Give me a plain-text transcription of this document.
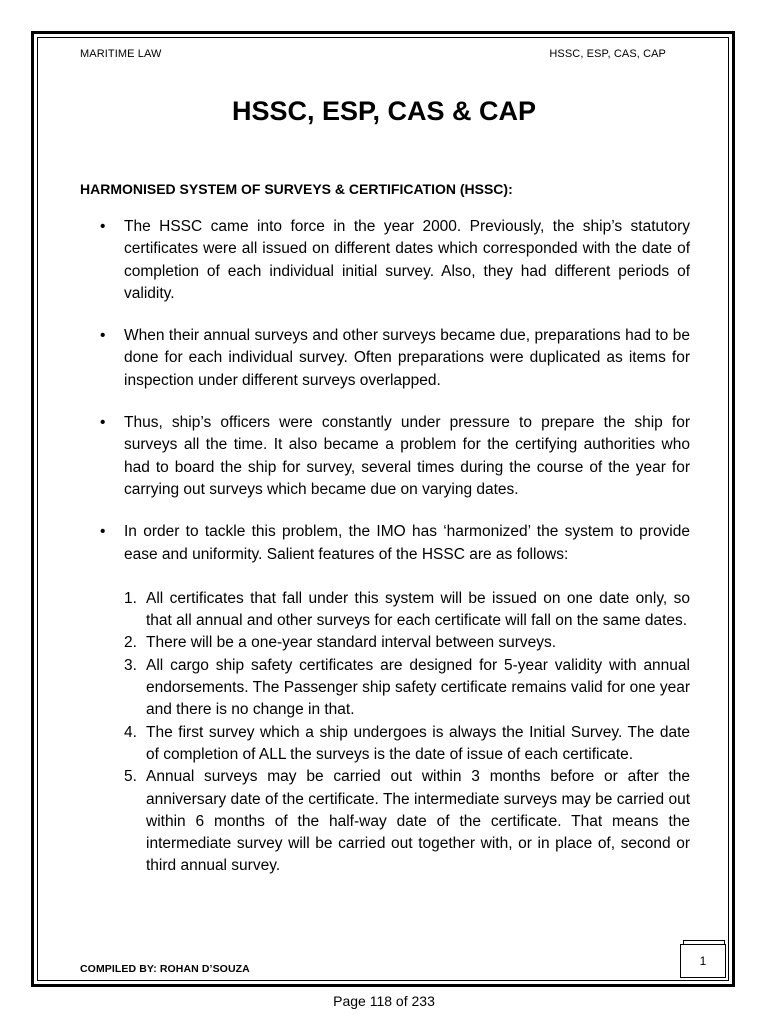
MARITIME LAW	HSSC, ESP, CAS, CAP
HSSC, ESP, CAS & CAP
HARMONISED SYSTEM OF SURVEYS & CERTIFICATION (HSSC):
• The HSSC came into force in the year 2000. Previously, the ship’s statutory certificates were all issued on different dates which corresponded with the date of completion of each individual initial survey. Also, they had different periods of validity.
• When their annual surveys and other surveys became due, preparations had to be done for each individual survey. Often preparations were duplicated as items for inspection under different surveys overlapped.
• Thus, ship’s officers were constantly under pressure to prepare the ship for surveys all the time. It also became a problem for the certifying authorities who had to board the ship for survey, several times during the course of the year for carrying out surveys which became due on varying dates.
• In order to tackle this problem, the IMO has ‘harmonized’ the system to provide ease and uniformity. Salient features of the HSSC are as follows:
1. All certificates that fall under this system will be issued on one date only, so that all annual and other surveys for each certificate will fall on the same dates.
2. There will be a one-year standard interval between surveys.
3. All cargo ship safety certificates are designed for 5-year validity with annual endorsements. The Passenger ship safety certificate remains valid for one year and there is no change in that.
4. The first survey which a ship undergoes is always the Initial Survey. The date of completion of ALL the surveys is the date of issue of each certificate.
5. Annual surveys may be carried out within 3 months before or after the anniversary date of the certificate. The intermediate surveys may be carried out within 6 months of the half-way date of the certificate. That means the intermediate survey will be carried out together with, or in place of, second or third annual survey.
COMPILED BY: ROHAN D’SOUZA
1
Page 118 of 233
